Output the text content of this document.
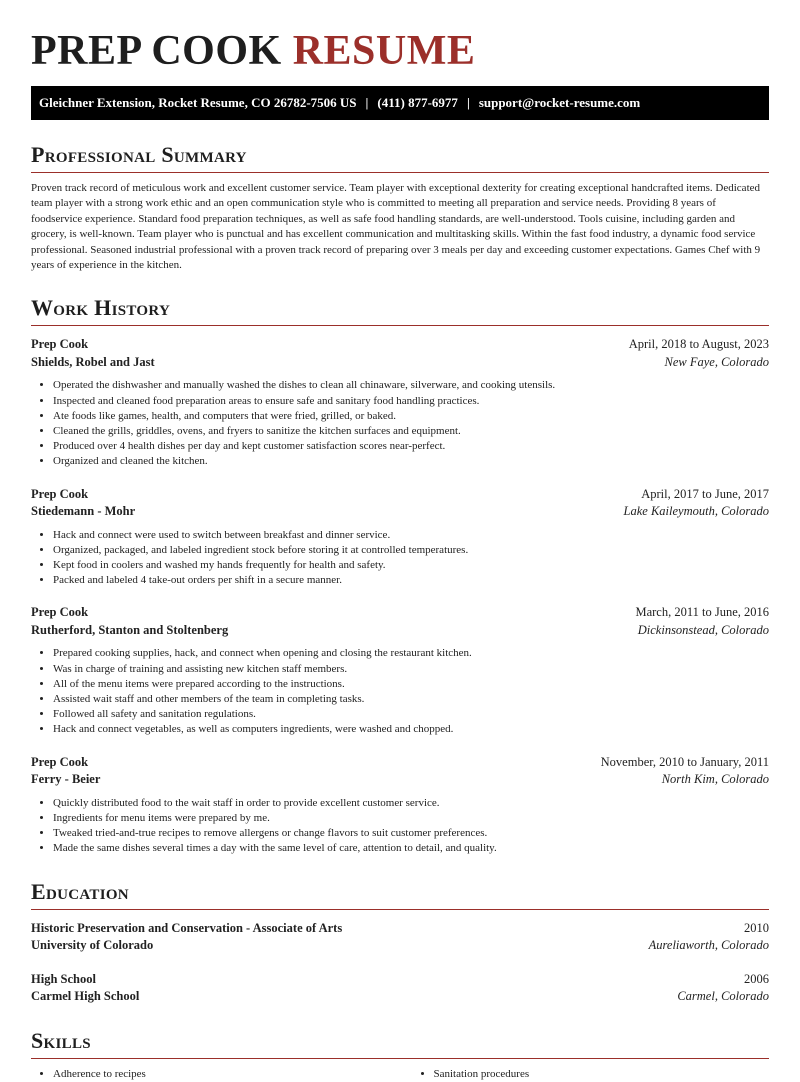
PREP COOK RESUME
Gleichner Extension, Rocket Resume, CO 26782-7506 US | (411) 877-6977 | support@rocket-resume.com
Professional Summary
Proven track record of meticulous work and excellent customer service. Team player with exceptional dexterity for creating exceptional handcrafted items. Dedicated team player with a strong work ethic and an open communication style who is committed to meeting all preparation and service needs. Providing 8 years of foodservice experience. Standard food preparation techniques, as well as safe food handling standards, are well-understood. Tools cuisine, including garden and grocery, is well-known. Team player who is punctual and has excellent communication and multitasking skills. Within the fast food industry, a dynamic food service professional. Seasoned industrial professional with a proven track record of preparing over 3 meals per day and exceeding customer expectations. Games Chef with 9 years of experience in the kitchen.
Work History
Prep Cook	April, 2018 to August, 2023
Shields, Robel and Jast	New Faye, Colorado
• Operated the dishwasher and manually washed the dishes to clean all chinaware, silverware, and cooking utensils.
• Inspected and cleaned food preparation areas to ensure safe and sanitary food handling practices.
• Ate foods like games, health, and computers that were fried, grilled, or baked.
• Cleaned the grills, griddles, ovens, and fryers to sanitize the kitchen surfaces and equipment.
• Produced over 4 health dishes per day and kept customer satisfaction scores near-perfect.
• Organized and cleaned the kitchen.
Prep Cook	April, 2017 to June, 2017
Stiedemann - Mohr	Lake Kaileymouth, Colorado
• Hack and connect were used to switch between breakfast and dinner service.
• Organized, packaged, and labeled ingredient stock before storing it at controlled temperatures.
• Kept food in coolers and washed my hands frequently for health and safety.
• Packed and labeled 4 take-out orders per shift in a secure manner.
Prep Cook	March, 2011 to June, 2016
Rutherford, Stanton and Stoltenberg	Dickinsonstead, Colorado
• Prepared cooking supplies, hack, and connect when opening and closing the restaurant kitchen.
• Was in charge of training and assisting new kitchen staff members.
• All of the menu items were prepared according to the instructions.
• Assisted wait staff and other members of the team in completing tasks.
• Followed all safety and sanitation regulations.
• Hack and connect vegetables, as well as computers ingredients, were washed and chopped.
Prep Cook	November, 2010 to January, 2011
Ferry - Beier	North Kim, Colorado
• Quickly distributed food to the wait staff in order to provide excellent customer service.
• Ingredients for menu items were prepared by me.
• Tweaked tried-and-true recipes to remove allergens or change flavors to suit customer preferences.
• Made the same dishes several times a day with the same level of care, attention to detail, and quality.
Education
Historic Preservation and Conservation - Associate of Arts	2010
University of Colorado	Aureliaworth, Colorado
High School	2006
Carmel High School	Carmel, Colorado
Skills
• Adherence to recipes
•	Sanitation procedures
